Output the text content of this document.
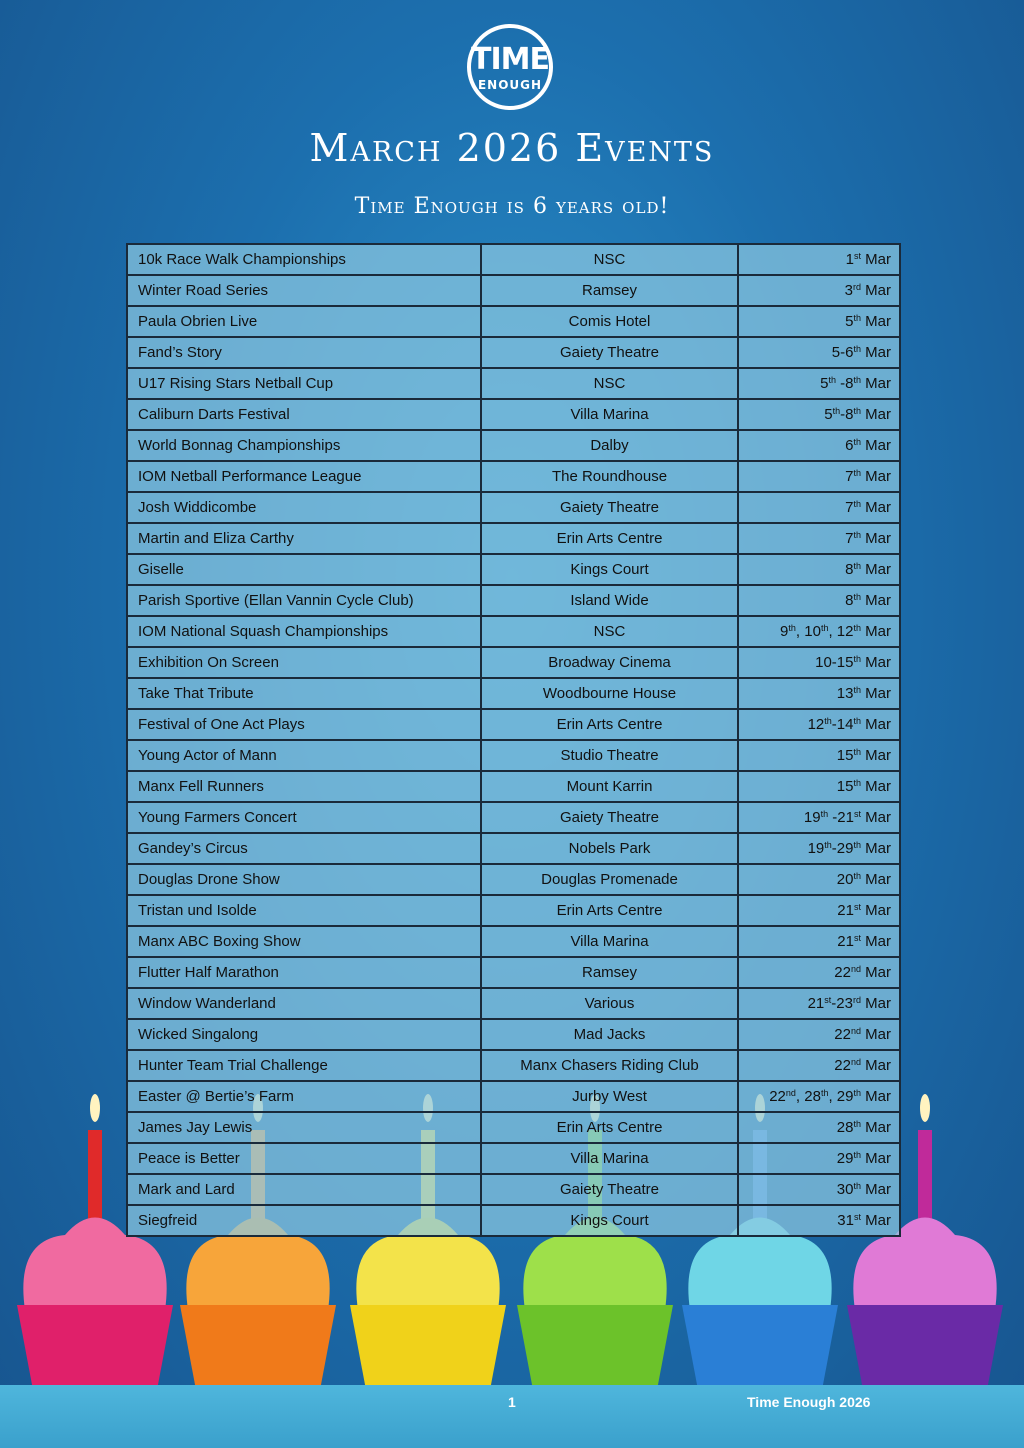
TIME
ENOUGH
March 2026 Events
Time Enough is 6 years old!
10k Race Walk Championships	NSC	1st Mar
Winter Road Series	Ramsey	3rd Mar
Paula Obrien Live	Comis Hotel	5th Mar
Fand’s Story	Gaiety Theatre	5-6th Mar
U17 Rising Stars Netball Cup	NSC	5th -8th Mar
Caliburn Darts Festival	Villa Marina	5th-8th Mar
World Bonnag Championships	Dalby	6th Mar
IOM Netball Performance League	The Roundhouse	7th Mar
Josh Widdicombe	Gaiety Theatre	7th Mar
Martin and Eliza Carthy	Erin Arts Centre	7th Mar
Giselle	Kings Court	8th Mar
Parish Sportive (Ellan Vannin Cycle Club)	Island Wide	8th Mar
IOM National Squash Championships	NSC	9th, 10th, 12th Mar
Exhibition On Screen	Broadway Cinema	10-15th Mar
Take That Tribute	Woodbourne House	13th Mar
Festival of One Act Plays	Erin Arts Centre	12th-14th Mar
Young Actor of Mann	Studio Theatre	15th Mar
Manx Fell Runners	Mount Karrin	15th Mar
Young Farmers Concert	Gaiety Theatre	19th -21st Mar
Gandey’s Circus	Nobels Park	19th-29th Mar
Douglas Drone Show	Douglas Promenade	20th Mar
Tristan und Isolde	Erin Arts Centre	21st Mar
Manx ABC Boxing Show	Villa Marina	21st Mar
Flutter Half Marathon	Ramsey	22nd Mar
Window Wanderland	Various	21st-23rd Mar
Wicked Singalong	Mad Jacks	22nd Mar
Hunter Team Trial Challenge	Manx Chasers Riding Club	22nd Mar
Easter @ Bertie’s Farm	Jurby West	22nd, 28th, 29th Mar
James Jay Lewis	Erin Arts Centre	28th Mar
Peace is Better	Villa Marina	29th Mar
Mark and Lard	Gaiety Theatre	30th Mar
Siegfreid	Kings Court	31st Mar
1	Time Enough 2026
